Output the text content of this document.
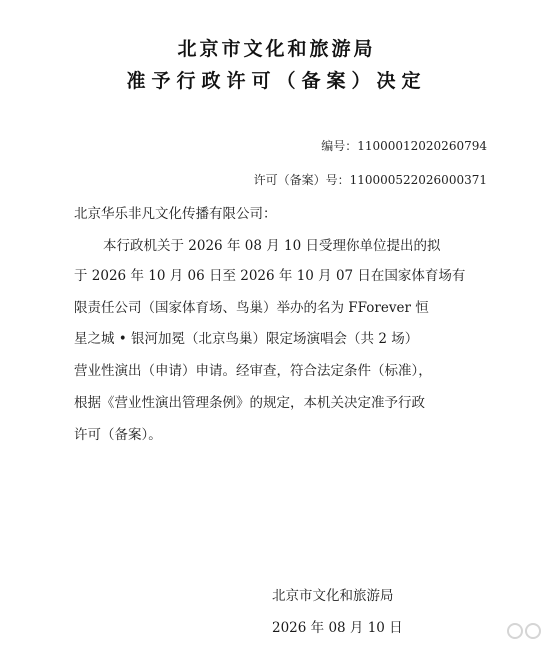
北京市文化和旅游局
准予行政许可（备案）决定
编号：11000012020260794
许可（备案）号：110000522026000371
北京华乐非凡文化传播有限公司：
本行政机关于 2026 年 08 月 10 日受理你单位提出的拟
于 2026 年 10 月 06 日至 2026 年 10 月 07 日在国家体育场有
限责任公司（国家体育场、鸟巢）举办的名为 FForever 恒
星之城 • 银河加冕（北京鸟巢）限定场演唱会（共 2 场）
营业性演出（申请）申请。经审查，符合法定条件（标准），
根据《营业性演出管理条例》的规定，本机关决定准予行政
许可（备案）。
北京市文化和旅游局
2026 年 08 月 10 日
